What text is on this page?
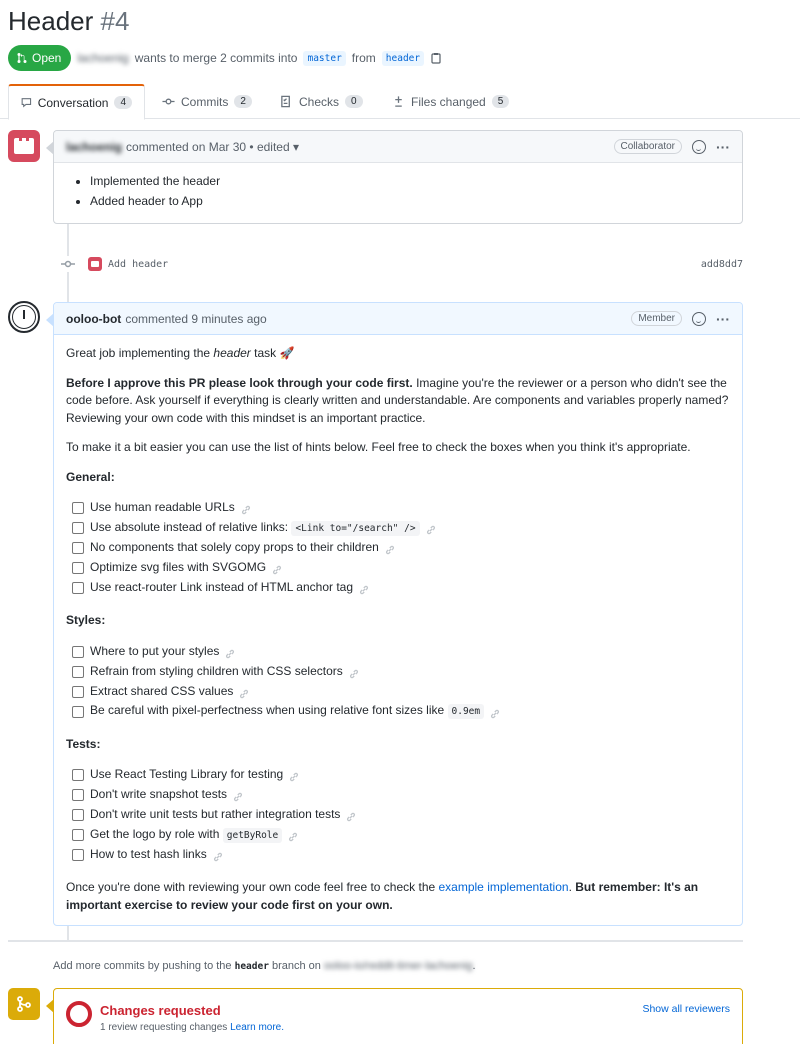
Header #4
Open lachoenig wants to merge 2 commits into	master from	header
Conversation	4	Commits	2	Checks	0	Files changed	5
lachoenig commented on Mar 30 • edited ▾	Collaborator	···
• Implemented the header
• Added header to App
Add header	add8dd7
ooloo-bot commented 9 minutes ago	Member	···

Great job implementing the header task 🚀

Before I approve this PR please look through your code first. Imagine you're the reviewer or a person who didn't see the code before. Ask yourself if everything is clearly written and understandable. Are components and variables properly named? Reviewing your own code with this mindset is an important practice.

To make it a bit easier you can use the list of hints below. Feel free to check the boxes when you think it's appropriate.

General:
Use human readable URLs
Use absolute instead of relative links: <Link to="/search" />
No components that solely copy props to their children
Optimize svg files with SVGOMG
Use react-router Link instead of HTML anchor tag
Styles:
Where to put your styles
Refrain from styling children with CSS selectors
Extract shared CSS values
Be careful with pixel-perfectness when using relative font sizes like 0.9em
Tests:
Use React Testing Library for testing
Don't write snapshot tests
Don't write unit tests but rather integration tests
Get the logo by role with getByRole
How to test hash links

Once you're done with reviewing your own code feel free to check the example implementation. But remember: It's an important exercise to review your code first on your own.

Add more commits by pushing to the header branch on ooloo-io/reddit-timer-lachoenig.
Changes requested
1 review requesting changes Learn more.
Show all reviewers
